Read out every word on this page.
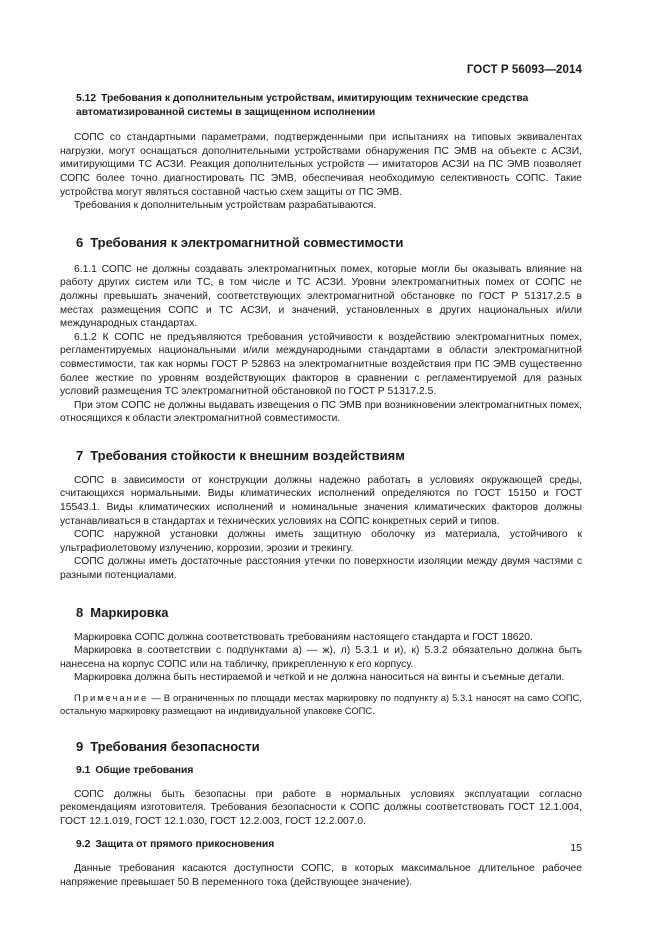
ГОСТ Р 56093—2014
5.12 Требования к дополнительным устройствам, имитирующим технические средства автоматизированной системы в защищенном исполнении

СОПС со стандартными параметрами, подтвержденными при испытаниях на типовых эквивалентах нагрузки, могут оснащаться дополнительными устройствами обнаружения ПС ЭМВ на объекте с АСЗИ, имитирующими ТС АСЗИ. Реакция дополнительных устройств — имитаторов АСЗИ на ПС ЭМВ позволяет СОПС более точно диагностировать ПС ЭМВ, обеспечивая необходимую селективность СОПС. Такие устройства могут являться составной частью схем защиты от ПС ЭМВ.

Требования к дополнительным устройствам разрабатываются.

6 Требования к электромагнитной совместимости

6.1.1 СОПС не должны создавать электромагнитных помех, которые могли бы оказывать влияние на работу других систем или ТС, в том числе и ТС АСЗИ. Уровни электромагнитных помех от СОПС не должны превышать значений, соответствующих электромагнитной обстановке по ГОСТ Р 51317.2.5 в местах размещения СОПС и ТС АСЗИ, и значений, установленных в других национальных и/или международных стандартах.

6.1.2 К СОПС не предъявляются требования устойчивости к воздействию электромагнитных помех, регламентируемых национальными и/или международными стандартами в области электромагнитной совместимости, так как нормы ГОСТ Р 52863 на электромагнитные воздействия при ПС ЭМВ существенно более жесткие по уровням воздействующих факторов в сравнении с регламентируемой для разных условий размещения ТС электромагнитной обстановкой по ГОСТ Р 51317.2.5.

При этом СОПС не должны выдавать извещения о ПС ЭМВ при возникновении электромагнитных помех, относящихся к области электромагнитной совместимости.

7 Требования стойкости к внешним воздействиям

СОПС в зависимости от конструкции должны надежно работать в условиях окружающей среды, считающихся нормальными. Виды климатических исполнений определяются по ГОСТ 15150 и ГОСТ 15543.1. Виды климатических исполнений и номинальные значения климатических факторов должны устанавливаться в стандартах и технических условиях на СОПС конкретных серий и типов.

СОПС наружной установки должны иметь защитную оболочку из материала, устойчивого к ультрафиолетовому излучению, коррозии, эрозии и трекингу.

СОПС должны иметь достаточные расстояния утечки по поверхности изоляции между двумя частями с разными потенциалами.

8 Маркировка

Маркировка СОПС должна соответствовать требованиям настоящего стандарта и ГОСТ 18620.

Маркировка в соответствии с подпунктами а) — ж), л) 5.3.1 и и), к) 5.3.2 обязательно должна быть нанесена на корпус СОПС или на табличку, прикрепленную к его корпусу.

Маркировка должна быть нестираемой и четкой и не должна наноситься на винты и съемные детали.

Примечание — В ограниченных по площади местах маркировку по подпункту а) 5.3.1 наносят на само СОПС, остальную маркировку размещают на индивидуальной упаковке СОПС.
9 Требования безопасности
9.1 Общие требования

СОПС должны быть безопасны при работе в нормальных условиях эксплуатации согласно рекомендациям изготовителя. Требования безопасности к СОПС должны соответствовать ГОСТ 12.1.004, ГОСТ 12.1.019, ГОСТ 12.1.030, ГОСТ 12.2.003, ГОСТ 12.2.007.0.

9.2 Защита от прямого прикосновения

Данные требования касаются доступности СОПС, в которых максимальное длительное рабочее напряжение превышает 50 В переменного тока (действующее значение).

15
